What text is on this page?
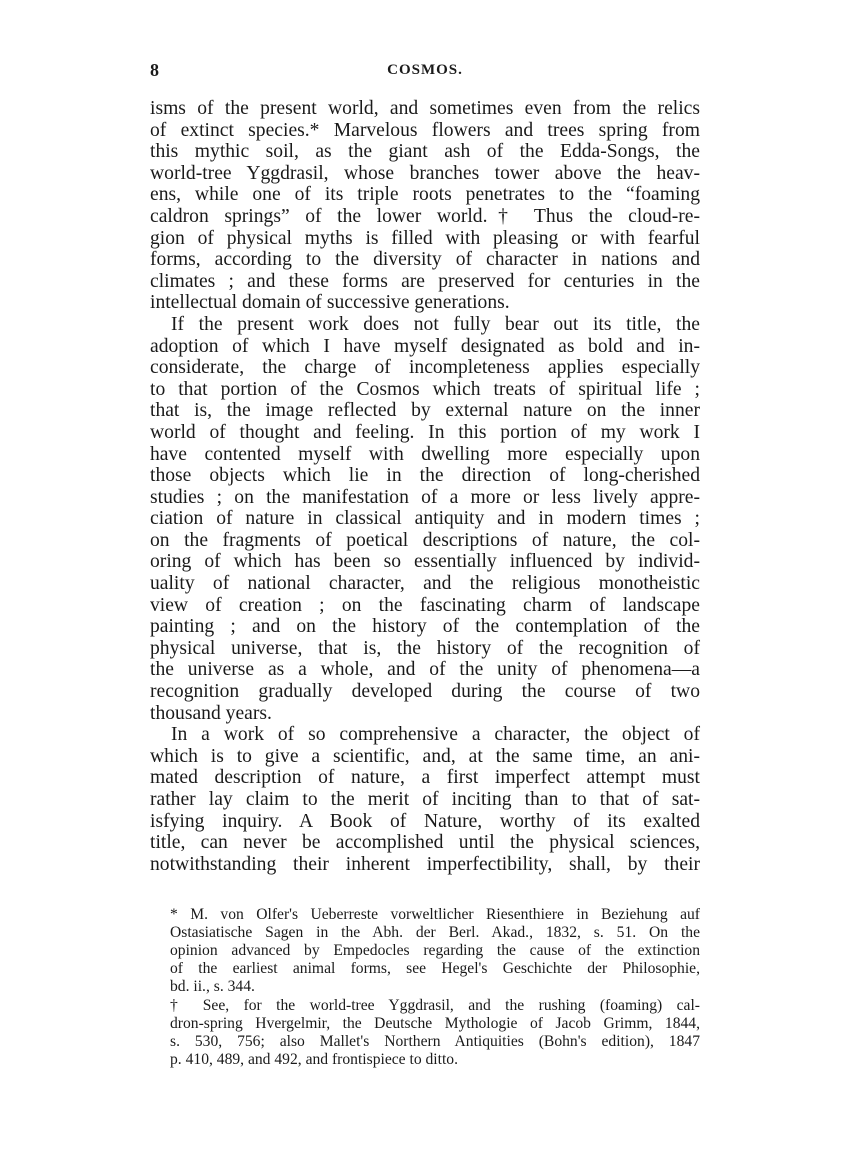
8	COSMOS.

isms of the present world, and sometimes even from the relics
of extinct species.* Marvelous flowers and trees spring from
this mythic soil, as the giant ash of the Edda-Songs, the
world-tree Yggdrasil, whose branches tower above the heav-
ens, while one of its triple roots penetrates to the “foaming
caldron springs” of the lower world.† Thus the cloud-re-
gion of physical myths is filled with pleasing or with fearful
forms, according to the diversity of character in nations and
climates ; and these forms are preserved for centuries in the
intellectual domain of successive generations.

If the present work does not fully bear out its title, the
adoption of which I have myself designated as bold and in-
considerate, the charge of incompleteness applies especially
to that portion of the Cosmos which treats of spiritual life ;
that is, the image reflected by external nature on the inner
world of thought and feeling. In this portion of my work I
have contented myself with dwelling more especially upon
those objects which lie in the direction of long-cherished
studies ; on the manifestation of a more or less lively appre-
ciation of nature in classical antiquity and in modern times ;
on the fragments of poetical descriptions of nature, the col-
oring of which has been so essentially influenced by individ-
uality of national character, and the religious monotheistic
view of creation ; on the fascinating charm of landscape
painting ; and on the history of the contemplation of the
physical universe, that is, the history of the recognition of
the universe as a whole, and of the unity of phenomena—a
recognition gradually developed during the course of two
thousand years.

In a work of so comprehensive a character, the object of
which is to give a scientific, and, at the same time, an ani-
mated description of nature, a first imperfect attempt must
rather lay claim to the merit of inciting than to that of sat-
isfying inquiry. A Book of Nature, worthy of its exalted
title, can never be accomplished until the physical sciences,
notwithstanding their inherent imperfectibility, shall, by their

* M. von Olfer's Ueberreste vorweltlicher Riesenthiere in Beziehung auf
Ostasiatische Sagen in the Abh. der Berl. Akad., 1832, s. 51. On the
opinion advanced by Empedocles regarding the cause of the extinction
of the earliest animal forms, see Hegel's Geschichte der Philosophie,
bd. ii., s. 344.

† See, for the world-tree Yggdrasil, and the rushing (foaming) cal-
dron-spring Hvergelmir, the Deutsche Mythologie of Jacob Grimm, 1844,
s. 530, 756; also Mallet's Northern Antiquities (Bohn's edition), 1847
p. 410, 489, and 492, and frontispiece to ditto.
